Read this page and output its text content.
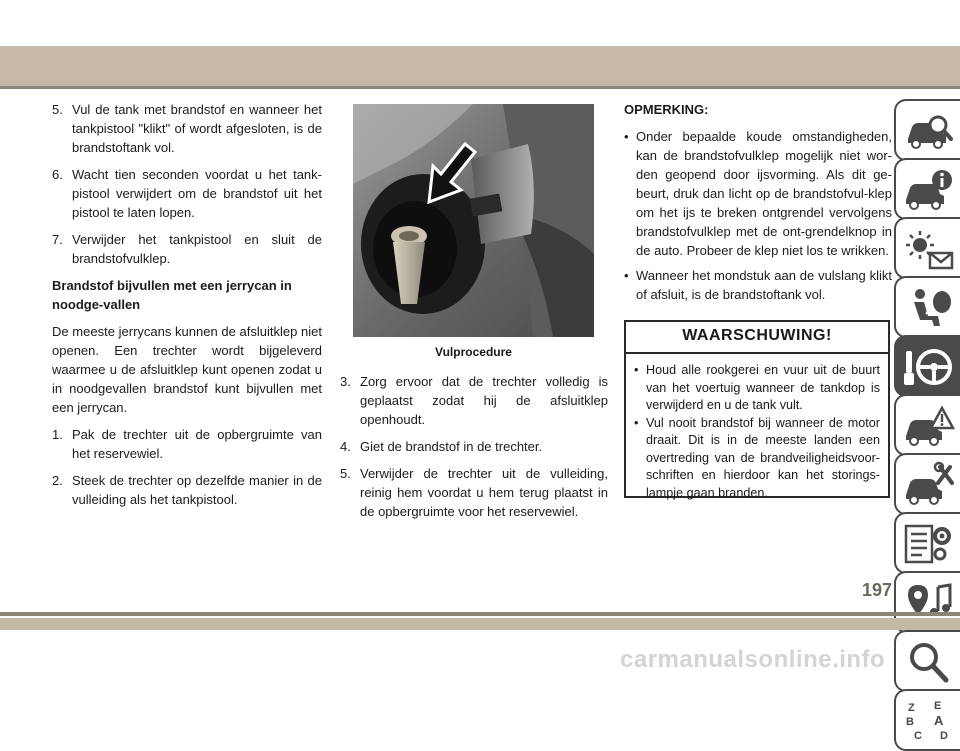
5. Vul de tank met brandstof en wanneer het tankpistool "klikt" of wordt afgesloten, is de brandstoftank vol.
6. Wacht tien seconden voordat u het tank-pistool verwijdert om de brandstof uit het pistool te laten lopen.
7. Verwijder het tankpistool en sluit de brandstofvulklep.
Brandstof bijvullen met een jerrycan in noodge-vallen
De meeste jerrycans kunnen de afsluitklep niet openen. Een trechter wordt bijgeleverd waarmee u de afsluitklep kunt openen zodat u in noodgevallen brandstof kunt bijvullen met een jerrycan.
1. Pak de trechter uit de opbergruimte van het reservewiel.
2. Steek de trechter op dezelfde manier in de vulleiding als het tankpistool.
Vulprocedure
3. Zorg ervoor dat de trechter volledig is geplaatst zodat hij de afsluitklep openhoudt.
4. Giet de brandstof in de trechter.
5. Verwijder de trechter uit de vulleiding, reinig hem voordat u hem terug plaatst in de opbergruimte voor het reservewiel.
OPMERKING:
• Onder bepaalde koude omstandigheden, kan de brandstofvulklep mogelijk niet wor-den geopend door ijsvorming. Als dit ge-beurt, druk dan licht op de brandstofvul-klep om het ijs te breken ontgrendel vervolgens brandstofvulklep met de ont-grendelknop in de auto. Probeer de klep niet los te wrikken.
• Wanneer het mondstuk aan de vulslang klikt of afsluit, is de brandstoftank vol.
WAARSCHUWING!
• Houd alle rookgerei en vuur uit de buurt van het voertuig wanneer de tankdop is verwijderd en u de tank vult.
• Vul nooit brandstof bij wanneer de motor draait. Dit is in de meeste landen een overtreding van de brandveiligheidsvoor-schriften en hierdoor kan het storings-lampje gaan branden.
Z E
B A
C D
197
carmanualsonline.info
